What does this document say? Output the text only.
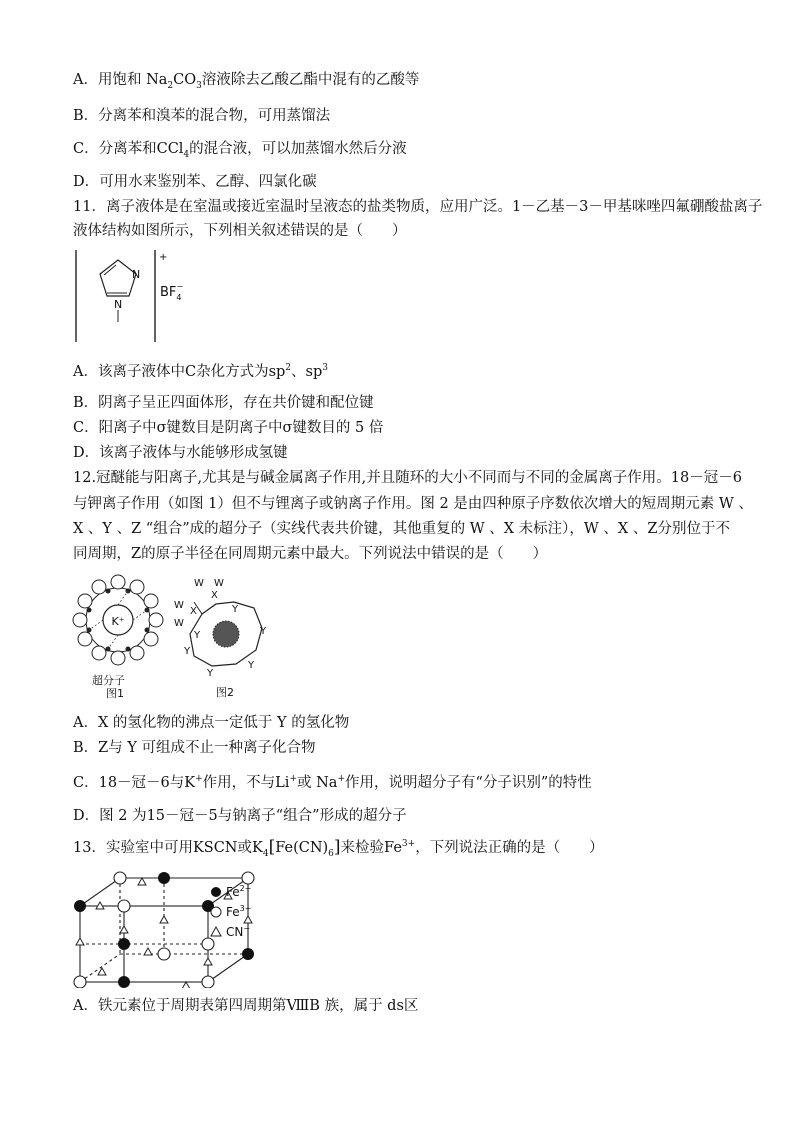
A．用饱和 $Na_2CO_3$溶液除去乙酸乙酯中混有的乙酸等
B．分离苯和溴苯的混合物，可用蒸馏法
C．分离苯和CCl$_4$的混合液，可以加蒸馏水然后分液
D．可用水来鉴别苯、乙醇、四氯化碳
11．离子液体是在室温或接近室温时呈液态的盐类物质，应用广泛。1－乙基－3－甲基咪唑四氟硼酸盐离子
液体结构如图所示，下列相关叙述错误的是（　　）
N
N
+
$BF_4-$
A．该离子液体中C杂化方式为$sp^2$、$sp^3$
B．阴离子呈正四面体形，存在共价键和配位键
C．阳离子中σ键数目是阴离子中σ键数目的 5 倍
D．该离子液体与水能够形成氢键
12.冠醚能与阳离子,尤其是与碱金属离子作用,并且随环的大小不同而与不同的金属离子作用。18－冠－6
与钾离子作用（如图 1）但不与锂离子或钠离子作用。图 2 是由四种原子序数依次增大的短周期元素 W 、
X 、Y 、Z “组合”成的超分子（实线代表共价键，其他重复的 W 、X 未标注），W 、X 、Z分别位于不
同周期，Z的原子半径在同周期元素中最大。下列说法中错误的是（　　）
K⁺
超分子
图1
W W
W
W
X
X
Y
Y
Y
Y
Y
Y
图2
A．X 的氢化物的沸点一定低于 Y 的氢化物
B．Z与 Y 可组成不止一种离子化合物
C．18－冠－6与K+作用，不与Li+或 Na+作用，说明超分子有“分子识别”的特性
D．图 2 为15－冠－5与钠离子“组合”形成的超分子
13．实验室中可用KSCN或$K_4[Fe(CN)_6]$来检验$Fe^{3+}$，下列说法正确的是（　　）
$Fe^{2+}$
$Fe^{3+}$
CN−
A．铁元素位于周期表第四周期第ⅧB 族，属于 ds区
